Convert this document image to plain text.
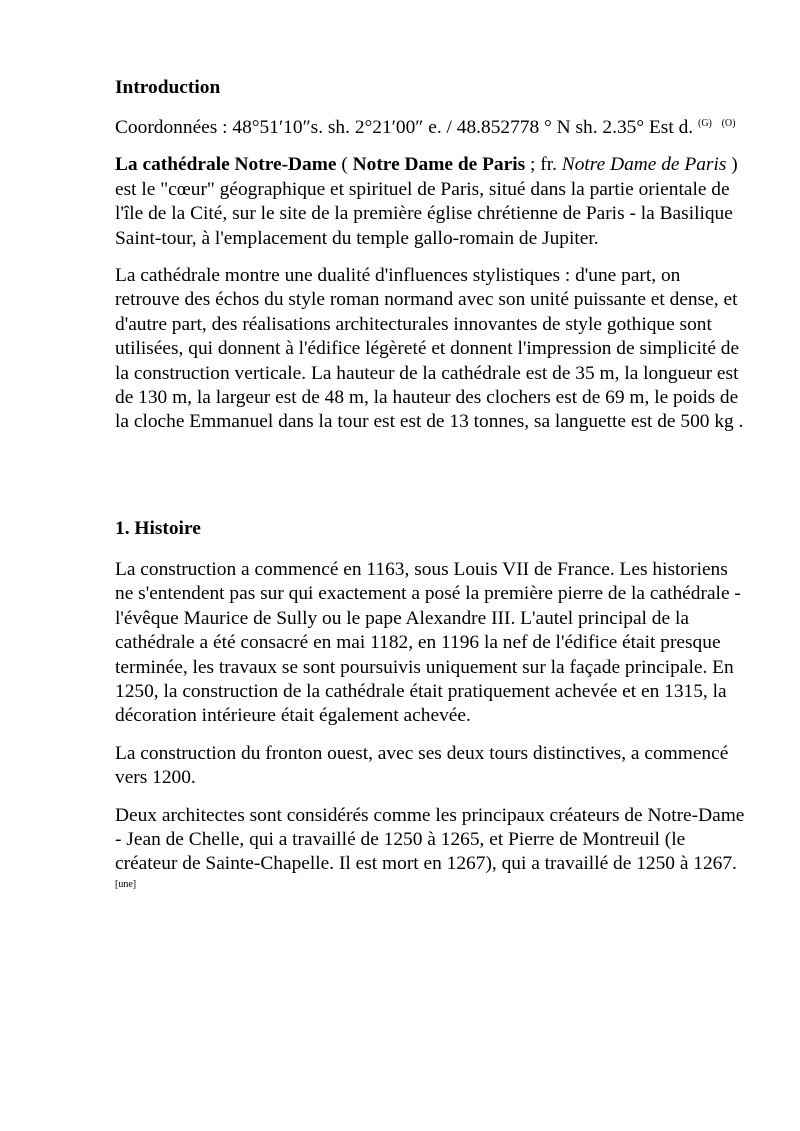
Introduction

Coordonnées : 48°51′10″s. sh. 2°21′00″ e. / 48.852778 ° N sh. 2.35° Est d. $^{(G)}$ $^{(O)}$

La cathédrale Notre-Dame ( Notre Dame de Paris ; fr. Notre Dame de Paris ) est le "cœur" géographique et spirituel de Paris, situé dans la partie orientale de l'île de la Cité, sur le site de la première église chrétienne de Paris - la Basilique Saint-tour, à l'emplacement du temple gallo-romain de Jupiter.

La cathédrale montre une dualité d'influences stylistiques : d'une part, on retrouve des échos du style roman normand avec son unité puissante et dense, et d'autre part, des réalisations architecturales innovantes de style gothique sont utilisées, qui donnent à l'édifice légèreté et donnent l'impression de simplicité de la construction verticale. La hauteur de la cathédrale est de 35 m, la longueur est de 130 m, la largeur est de 48 m, la hauteur des clochers est de 69 m, le poids de la cloche Emmanuel dans la tour est est de 13 tonnes, sa languette est de 500 kg .

1. Histoire

La construction a commencé en 1163, sous Louis VII de France. Les historiens ne s'entendent pas sur qui exactement a posé la première pierre de la cathédrale - l'évêque Maurice de Sully ou le pape Alexandre III. L'autel principal de la cathédrale a été consacré en mai 1182, en 1196 la nef de l'édifice était presque terminée, les travaux se sont poursuivis uniquement sur la façade principale. En 1250, la construction de la cathédrale était pratiquement achevée et en 1315, la décoration intérieure était également achevée.

La construction du fronton ouest, avec ses deux tours distinctives, a commencé vers 1200.

Deux architectes sont considérés comme les principaux créateurs de Notre-Dame - Jean de Chelle, qui a travaillé de 1250 à 1265, et Pierre de Montreuil (le créateur de Sainte-Chapelle. Il est mort en 1267), qui a travaillé de 1250 à 1267. [une]
